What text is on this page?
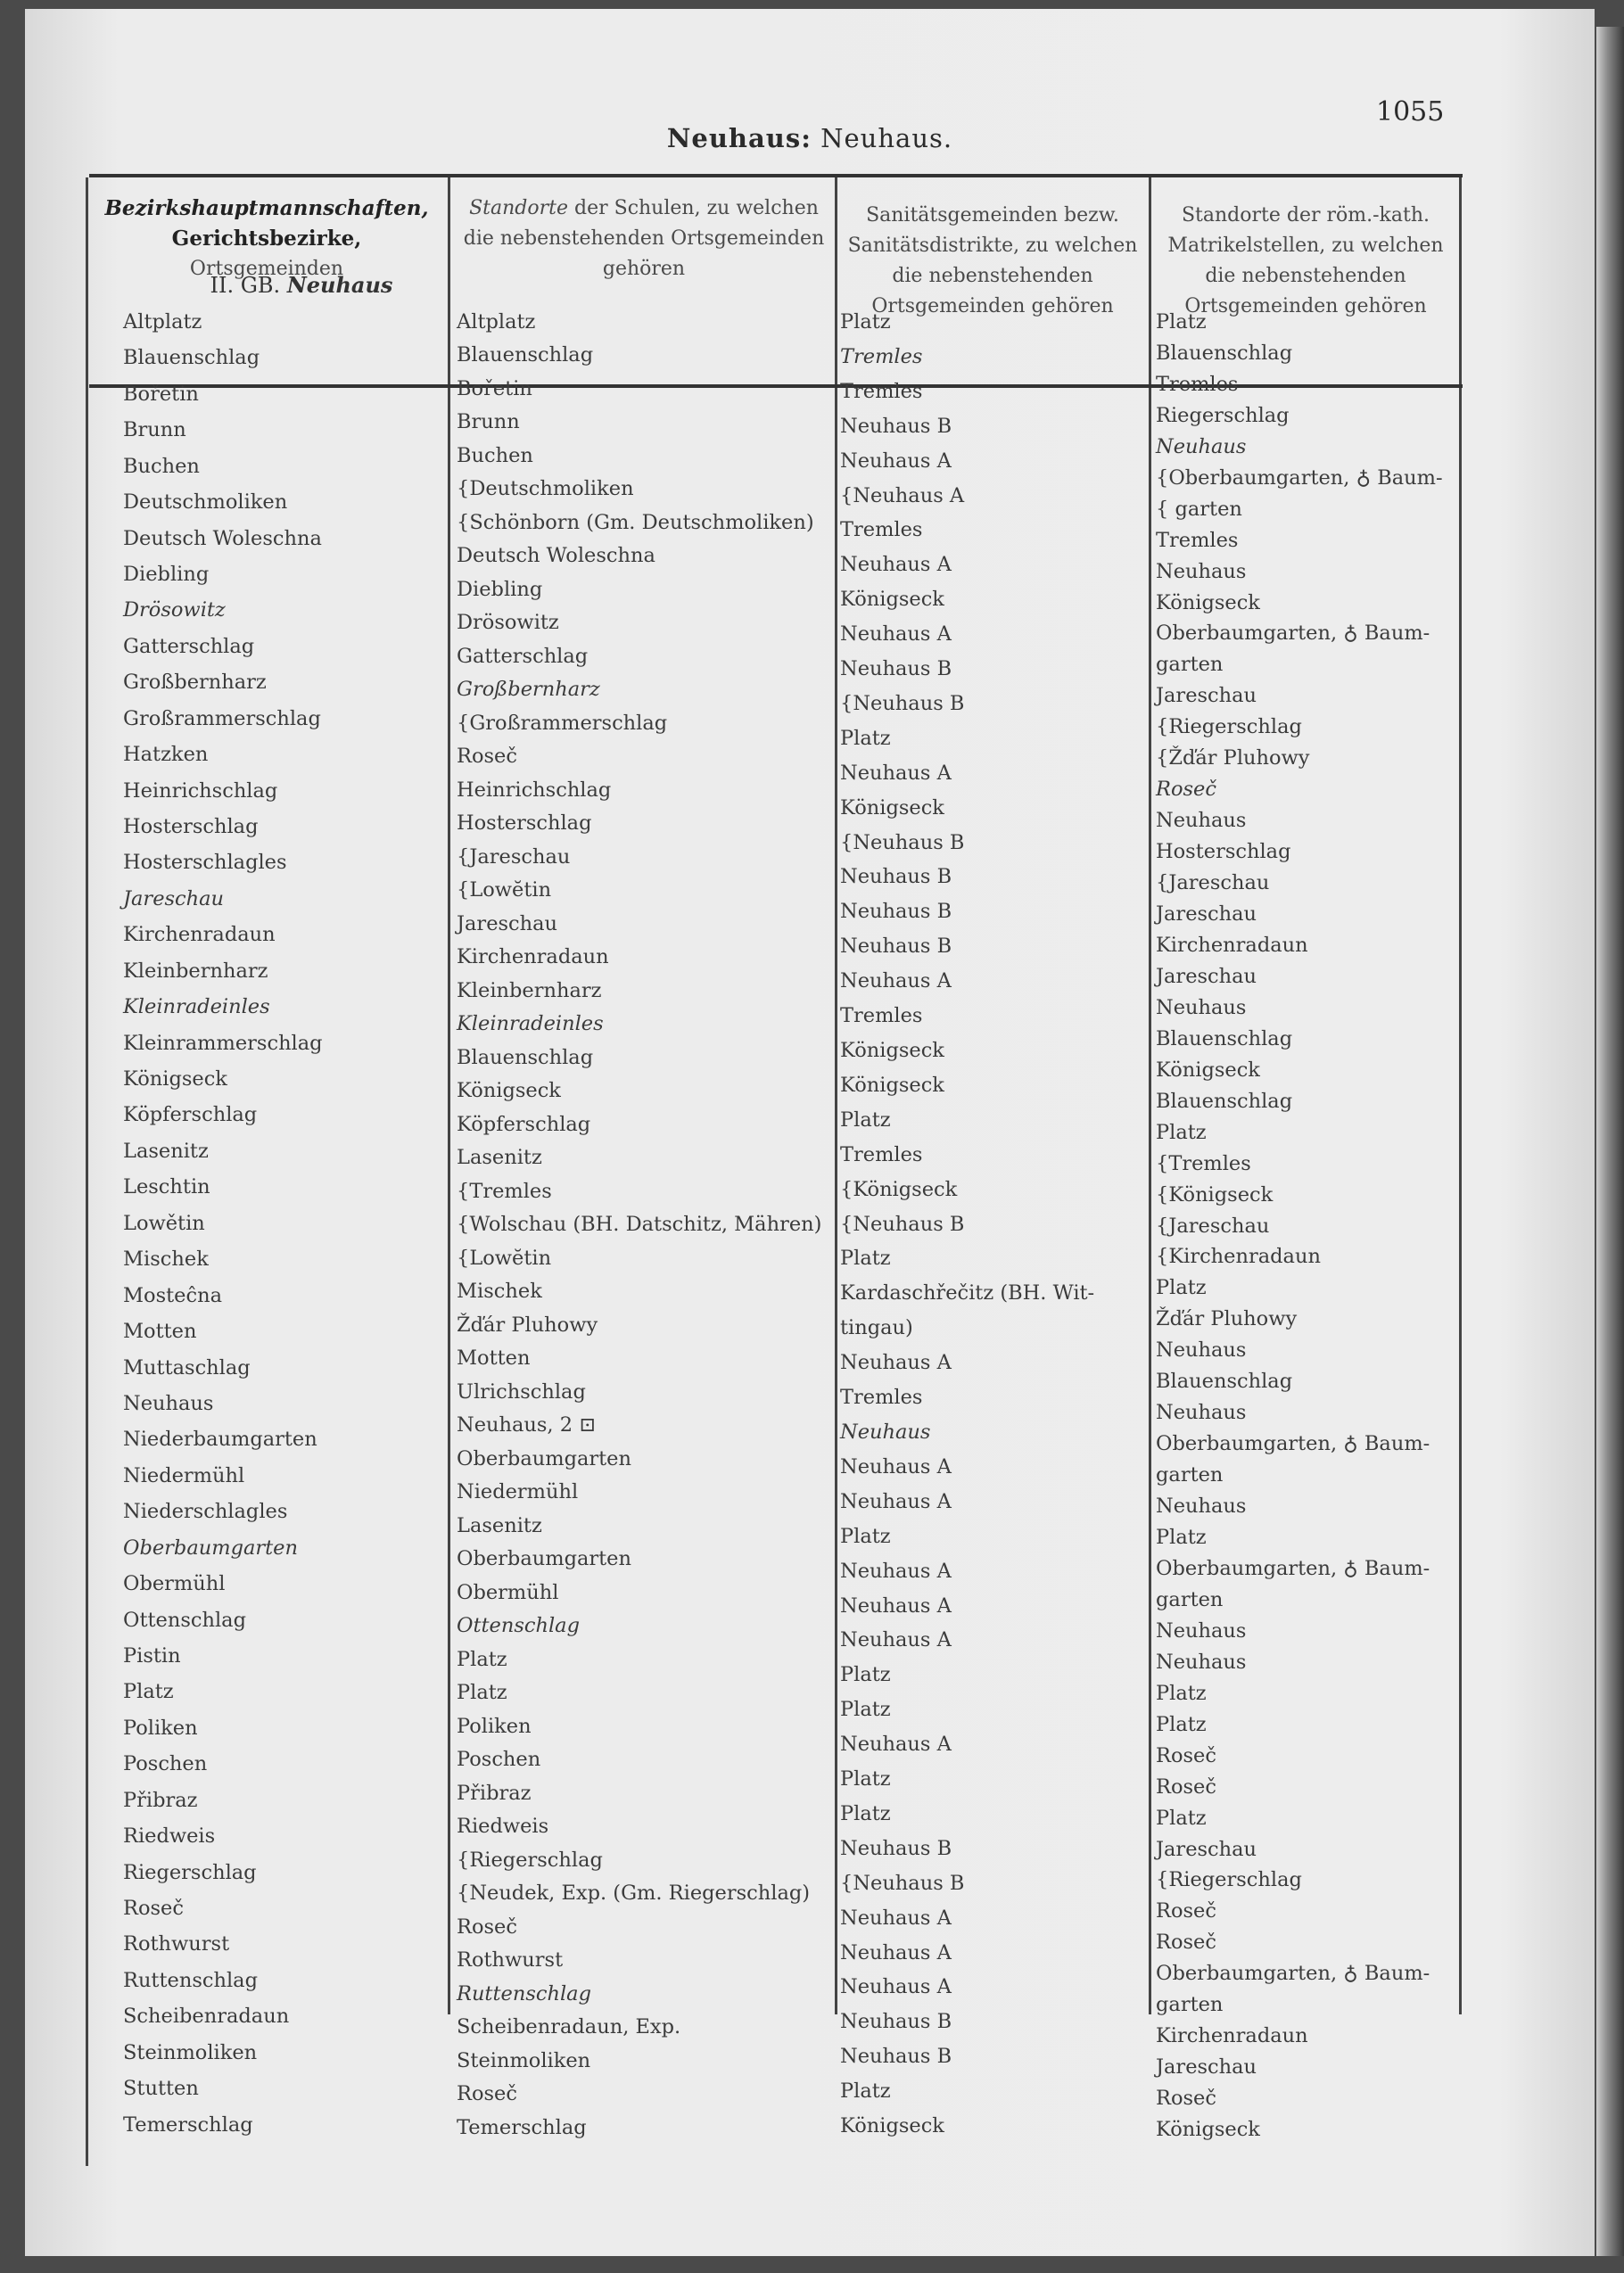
Neuhaus: Neuhaus.
1055
Bezirkshauptmannschaften,
Gerichtsbezirke,
Ortsgemeinden
Standorte der Schulen, zu welchen die nebenstehenden Ortsgemeinden gehören
Sanitätsgemeinden bezw. Sanitätsdistrikte, zu welchen die nebenstehenden Ortsgemeinden gehören
Standorte der röm.-kath. Matrikelstellen, zu welchen die nebenstehenden Ortsgemeinden gehören
II. GB. Neuhaus
Altplatz
Blauenschlag
Bořetin
Brunn
Buchen
Deutschmoliken
Deutsch Woleschna
Diebling
Drösowitz
Gatterschlag
Großbernharz
Großrammerschlag
Hatzken
Heinrichschlag
Hosterschlag
Hosterschlagles
Jareschau
Kirchenradaun
Kleinbernharz
Kleinradeinles
Kleinrammerschlag
Königseck
Köpferschlag
Lasenitz
Leschtin
Lowětin
Mischek
Mosteĉna
Motten
Muttaschlag
Neuhaus
Niederbaumgarten
Niedermühl
Niederschlagles
Oberbaumgarten
Obermühl
Ottenschlag
Pistin
Platz
Poliken
Poschen
Přibraz
Riedweis
Riegerschlag
Roseč
Rothwurst
Ruttenschlag
Scheibenradaun
Steinmoliken
Stutten
Temerschlag
Altplatz
Blauenschlag
Bořetin
Brunn
Buchen
{Deutschmoliken
{Schönborn (Gm. Deutschmoliken)
Deutsch Woleschna
Diebling
Drösowitz
Gatterschlag
Großbernharz
{Großrammerschlag
Roseč
Heinrichschlag
Hosterschlag
{Jareschau
{Lowĕtin
Jareschau
Kirchenradaun
Kleinbernharz
Kleinradeinles
Blauenschlag
Königseck
Köpferschlag
Lasenitz
{Tremles
{Wolschau (BH. Datschitz, Mähren)
{Lowĕtin
Mischek
Žďár Pluhowy
Motten
Ulrichschlag
Neuhaus, 2 ⊡
Oberbaumgarten
Niedermühl
Lasenitz
Oberbaumgarten
Obermühl
Ottenschlag
Platz
Platz
Poliken
Poschen
Přibraz
Riedweis
{Riegerschlag
{Neudek, Exp. (Gm. Riegerschlag)
Roseč
Rothwurst
Ruttenschlag
Scheibenradaun, Exp.
Steinmoliken
Roseč
Temerschlag
Platz
Tremles
Tremles
Neuhaus B
Neuhaus A
{Neuhaus A
Tremles
Neuhaus A
Königseck
Neuhaus A
Neuhaus B
{Neuhaus B
Platz
Neuhaus A
Königseck
{Neuhaus B
Neuhaus B
Neuhaus B
Neuhaus B
Neuhaus A
Tremles
Königseck
Königseck
Platz
Tremles
{Königseck
{Neuhaus B
Platz
Kardaschřečitz (BH. Wit-
tingau)
Neuhaus A
Tremles
Neuhaus
Neuhaus A
Neuhaus A
Platz
Neuhaus A
Neuhaus A
Neuhaus A
Platz
Platz
Neuhaus A
Platz
Platz
Neuhaus B
{Neuhaus B
Neuhaus A
Neuhaus A
Neuhaus A
Neuhaus B
Neuhaus B
Platz
Königseck
Platz
Blauenschlag
Tremles
Riegerschlag
Neuhaus
{Oberbaumgarten, ♁ Baum-
{ garten
Tremles
Neuhaus
Königseck
Oberbaumgarten, ♁ Baum-
garten
Jareschau
{Riegerschlag
{Žďár Pluhowy
Roseč
Neuhaus
Hosterschlag
{Jareschau
Jareschau
Kirchenradaun
Jareschau
Neuhaus
Blauenschlag
Königseck
Blauenschlag
Platz
{Tremles
{Königseck
{Jareschau
{Kirchenradaun
Platz
Žďár Pluhowy
Neuhaus
Blauenschlag
Neuhaus
Oberbaumgarten, ♁ Baum-
garten
Neuhaus
Platz
Oberbaumgarten, ♁ Baum-
garten
Neuhaus
Neuhaus
Platz
Platz
Roseč
Roseč
Platz
Jareschau
{Riegerschlag
Roseč
Roseč
Oberbaumgarten, ♁ Baum-
garten
Kirchenradaun
Jareschau
Roseč
Königseck
